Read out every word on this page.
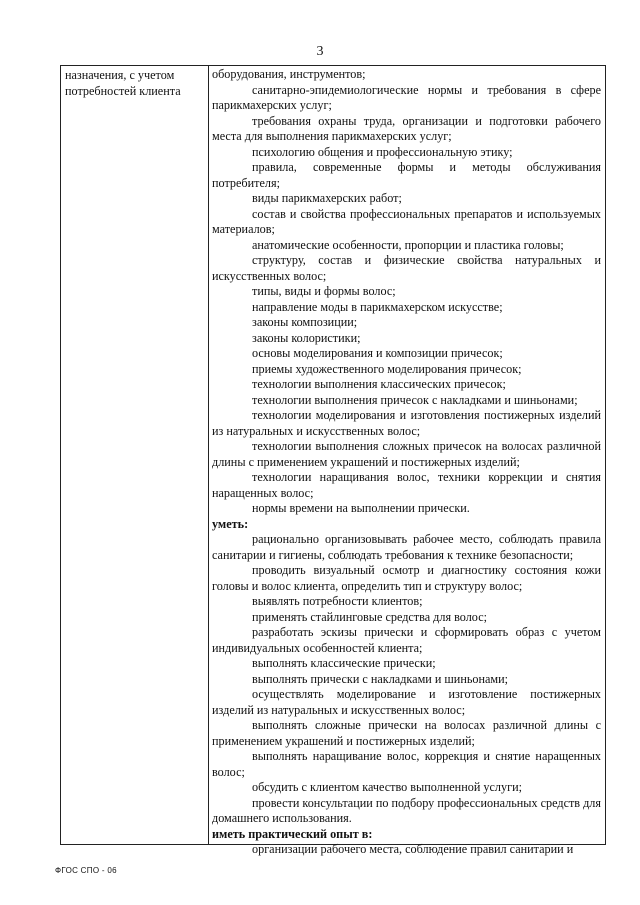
3
назначения, с учетом потребностей клиента

оборудования, инструментов;

санитарно-эпидемиологические нормы и требования в сфере парикмахерских услуг;

требования охраны труда, организации и подготовки рабочего места для выполнения парикмахерских услуг;

психологию общения и профессиональную этику;

правила, современные формы и методы обслуживания потребителя;

виды парикмахерских работ;

состав и свойства профессиональных препаратов и используемых материалов;

анатомические особенности, пропорции и пластика головы;

структуру, состав и физические свойства натуральных и искусственных волос;

типы, виды и формы волос;

направление моды в парикмахерском искусстве;

законы композиции;

законы колористики;

основы моделирования и композиции причесок;

приемы художественного моделирования причесок;

технологии выполнения классических причесок;

технологии выполнения причесок с накладками и шиньонами;

технологии моделирования и изготовления постижерных изделий из натуральных и искусственных волос;

технологии выполнения сложных причесок на волосах различной длины с применением украшений и постижерных изделий;

технологии наращивания волос, техники коррекции и снятия наращенных волос;

нормы времени на выполнении прически.

уметь:

рационально организовывать рабочее место, соблюдать правила санитарии и гигиены, соблюдать требования к технике безопасности;

проводить визуальный осмотр и диагностику состояния кожи головы и волос клиента, определить тип и структуру волос;

выявлять потребности клиентов;

применять стайлинговые средства для волос;

разработать эскизы прически и сформировать образ с учетом индивидуальных особенностей клиента;

выполнять классические прически;

выполнять прически с накладками и шиньонами;

осуществлять моделирование и изготовление постижерных изделий из натуральных и искусственных волос;

выполнять сложные прически на волосах различной длины с применением украшений и постижерных изделий;

выполнять наращивание волос, коррекция и снятие наращенных волос;

обсудить с клиентом качество выполненной услуги;

провести консультации по подбору профессиональных средств для домашнего использования.

иметь практический опыт в:

организации рабочего места, соблюдение правил санитарии и

ФГОС СПО - 06
